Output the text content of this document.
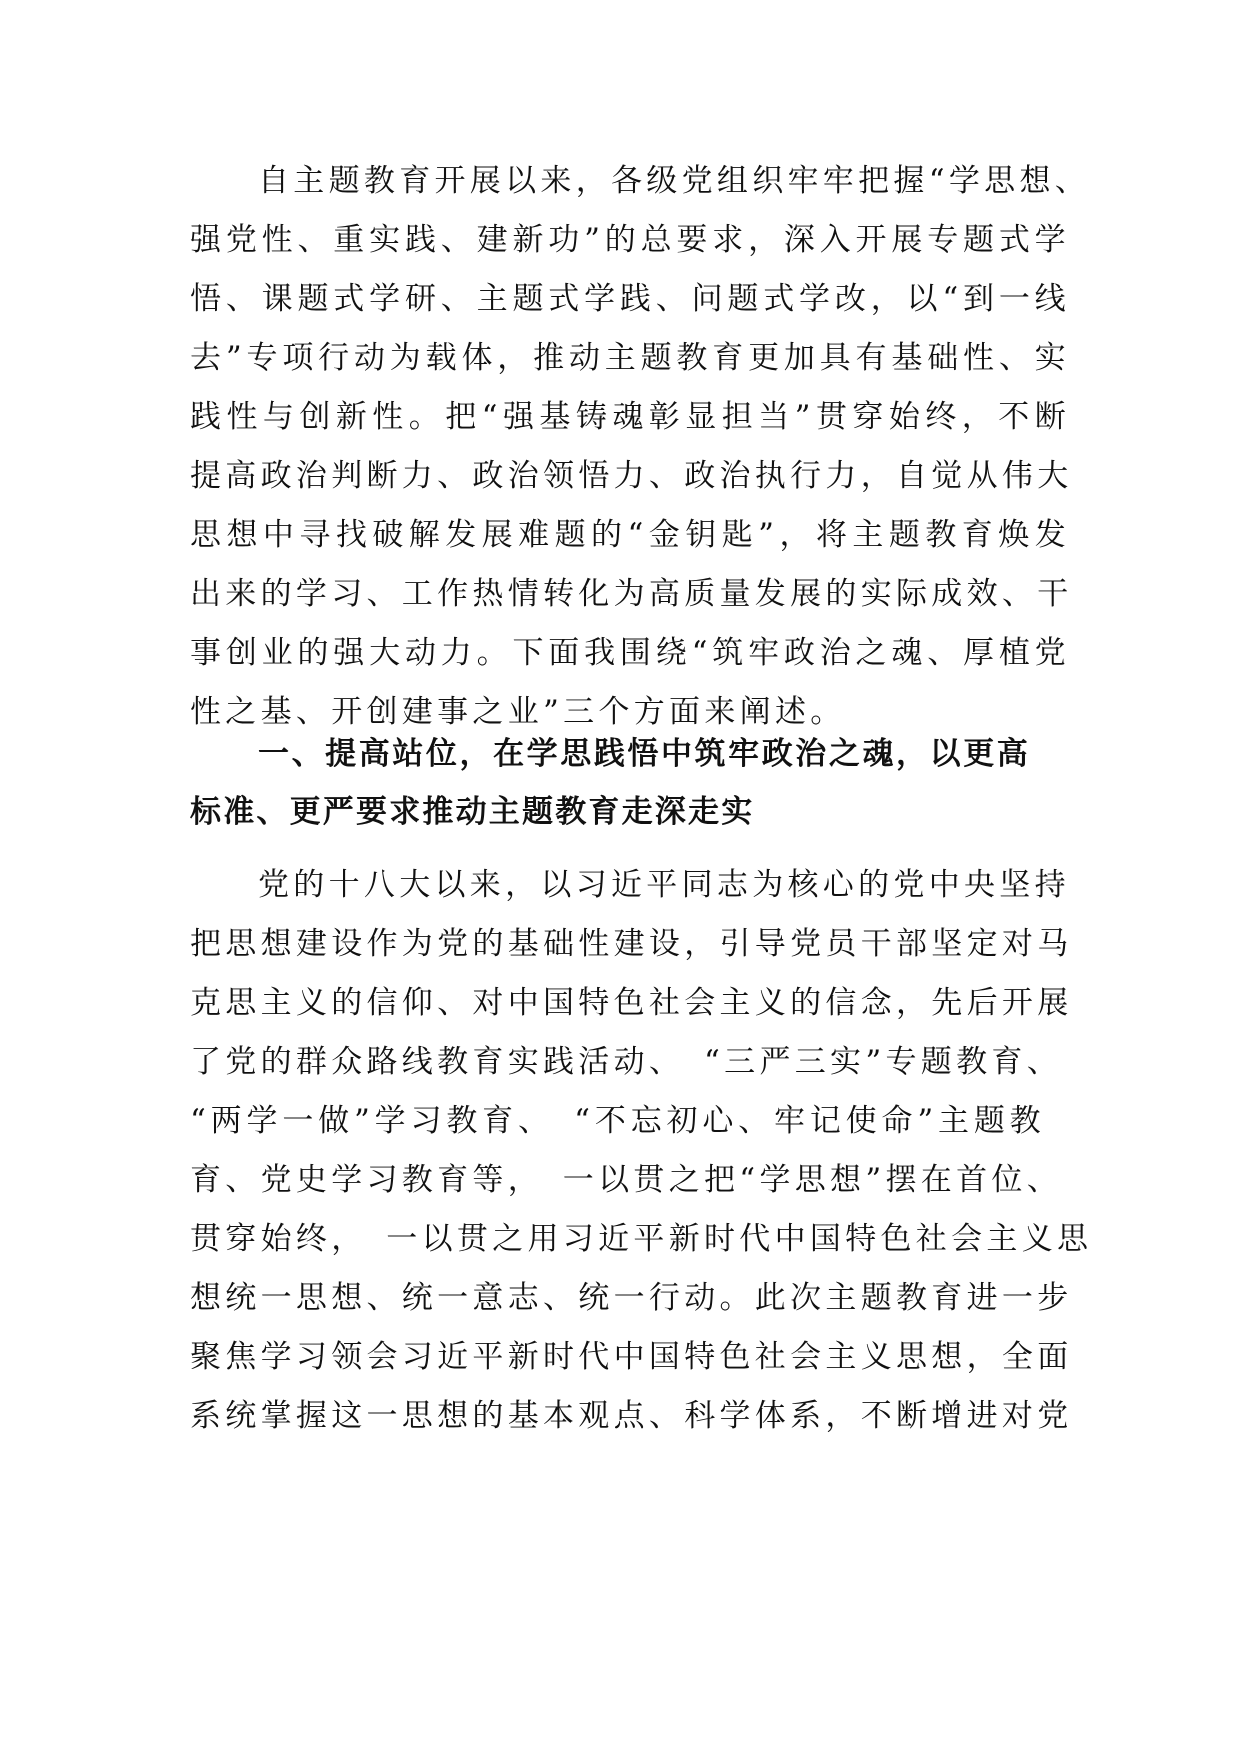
自主题教育开展以来，各级党组织牢牢把握“学思想、
强党性、重实践、建新功”的总要求，深入开展专题式学
悟、课题式学研、主题式学践、问题式学改，以“到一线
去”专项行动为载体，推动主题教育更加具有基础性、实
践性与创新性。把“强基铸魂彰显担当”贯穿始终，不断
提高政治判断力、政治领悟力、政治执行力，自觉从伟大
思想中寻找破解发展难题的“金钥匙”，将主题教育焕发
出来的学习、工作热情转化为高质量发展的实际成效、干
事创业的强大动力。下面我围绕“筑牢政治之魂、厚植党
性之基、开创建事之业”三个方面来阐述。
一、提高站位，在学思践悟中筑牢政治之魂，以更高
标准、更严要求推动主题教育走深走实
党的十八大以来，以习近平同志为核心的党中央坚持
把思想建设作为党的基础性建设，引导党员干部坚定对马
克思主义的信仰、对中国特色社会主义的信念，先后开展
了党的群众路线教育实践活动、　“三严三实”专题教育、
“两学一做”学习教育、　“不忘初心、牢记使命”主题教
育、党史学习教育等，　一以贯之把“学思想”摆在首位、
贯穿始终，　一以贯之用习近平新时代中国特色社会主义思
想统一思想、统一意志、统一行动。此次主题教育进一步
聚焦学习领会习近平新时代中国特色社会主义思想，全面
系统掌握这一思想的基本观点、科学体系，不断增进对党
